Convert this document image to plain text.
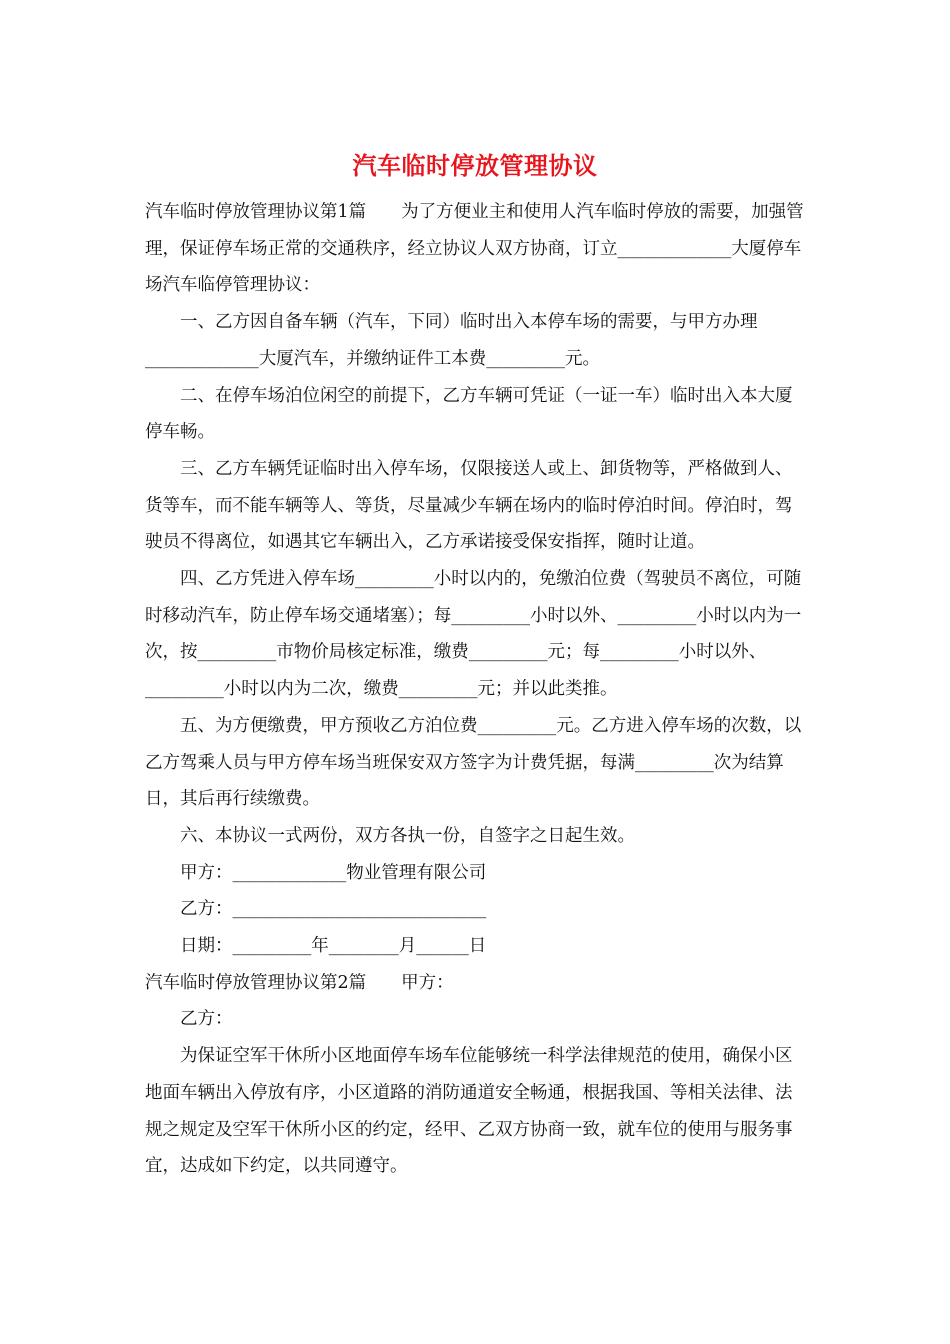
汽车临时停放管理协议

汽车临时停放管理协议第1篇　　为了方便业主和使用人汽车临时停放的需要，加强管理，保证停车场正常的交通秩序，经立协议人双方协商，订立_____________大厦停车场汽车临停管理协议：

一、乙方因自备车辆（汽车，下同）临时出入本停车场的需要，与甲方办理_____________大厦汽车，并缴纳证件工本费_________元。

二、在停车场泊位闲空的前提下，乙方车辆可凭证（一证一车）临时出入本大厦停车畅。

三、乙方车辆凭证临时出入停车场，仅限接送人或上、卸货物等，严格做到人、货等车，而不能车辆等人、等货，尽量减少车辆在场内的临时停泊时间。停泊时，驾驶员不得离位，如遇其它车辆出入，乙方承诺接受保安指挥，随时让道。

四、乙方凭进入停车场_________小时以内的，免缴泊位费（驾驶员不离位，可随时移动汽车，防止停车场交通堵塞）；每_________小时以外、_________小时以内为一次，按_________市物价局核定标准，缴费_________元；每_________小时以外、_________小时以内为二次，缴费_________元；并以此类推。

五、为方便缴费，甲方预收乙方泊位费_________元。乙方进入停车场的次数，以乙方驾乘人员与甲方停车场当班保安双方签字为计费凭据，每满_________次为结算日，其后再行续缴费。

六、本协议一式两份，双方各执一份，自签字之日起生效。

甲方：_____________物业管理有限公司

乙方：_____________________________

日期：_________年________月______日

汽车临时停放管理协议第2篇　　甲方：

乙方：

为保证空军干休所小区地面停车场车位能够统一科学法律规范的使用，确保小区地面车辆出入停放有序，小区道路的消防通道安全畅通，根据我国、等相关法律、法规之规定及空军干休所小区的约定，经甲、乙双方协商一致，就车位的使用与服务事宜，达成如下约定，以共同遵守。
